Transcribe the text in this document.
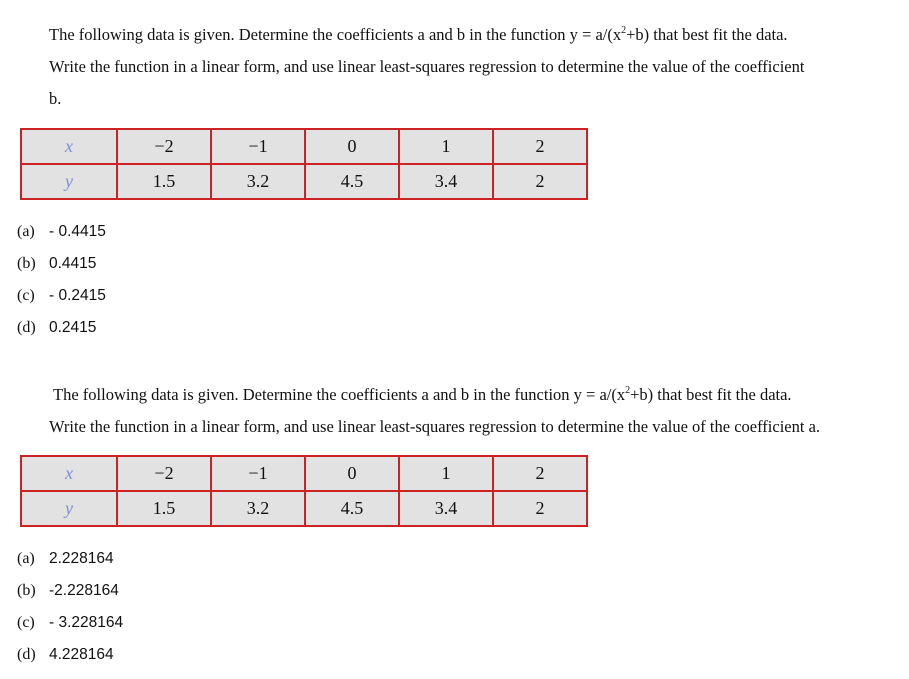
The following data is given. Determine the coefficients a and b in the function $y = a/(x^2+b)$ that best fit the data.
Write the function in a linear form, and use linear least-squares regression to determine the value of the coefficient
b.
x	−2	−1	0	1	2
y	1.5	3.2	4.5	3.4	2
(a) - 0.4415
(b) 0.4415
(c) - 0.2415
(d) 0.2415
The following data is given. Determine the coefficients a and b in the function $y = a/(x^2+b)$ that best fit the data.
Write the function in a linear form, and use linear least-squares regression to determine the value of the coefficient a.
x	−2	−1	0	1	2
y	1.5	3.2	4.5	3.4	2
(a) 2.228164
(b) -2.228164
(c) - 3.228164
(d) 4.228164
